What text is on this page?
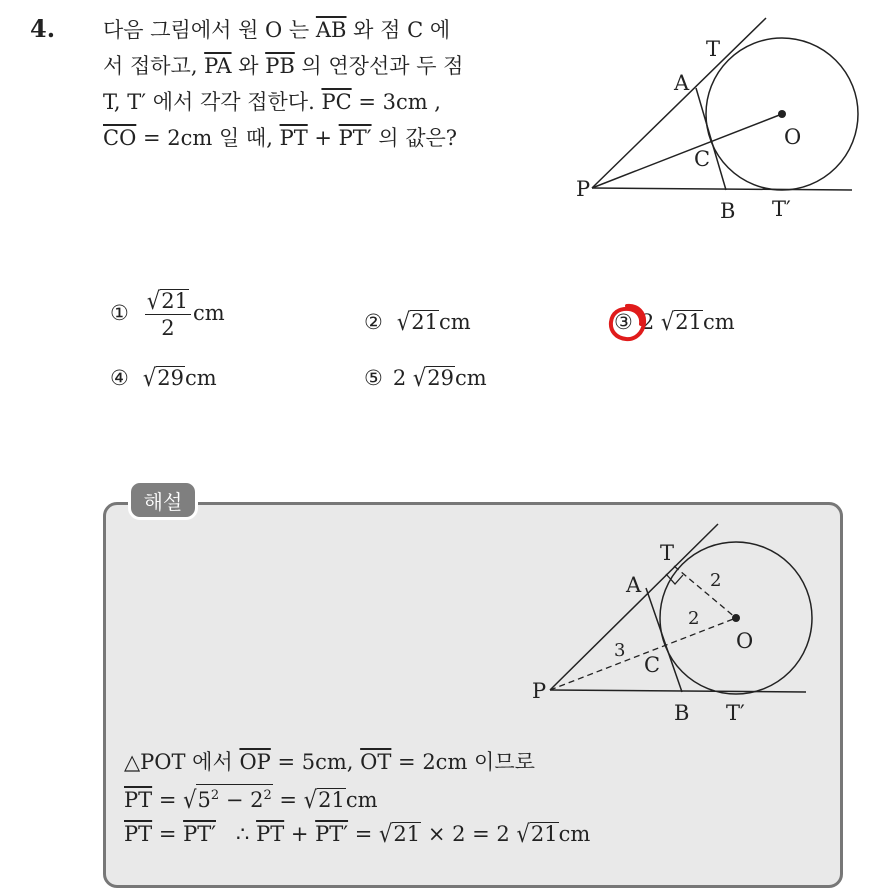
4. 다음 그림에서 원 O 는 $\overline{AB}$ 와 점 C 에
서 접하고, $\overline{PA}$ 와 $\overline{PB}$ 의 연장선과 두 점
T, T′ 에서 각각 접한다. $\overline{PC} = 3cm$ ,
$\overline{CO} = 2cm$ 일 때, $\overline{PT} + PT'$ 의 값은?
T
A
O
C
P
B T′
① $\frac{√21}{2}$ cm	② √21cm	③ 2 √21cm
④ √29cm	⑤ 2 √29cm
해설
T
A
O
C
P
B T′
2
2
3
△POT 에서 $\overline{OP} = 5cm$, $\overline{OT} = 2cm$ 이므로
$\overline{PT} = √5^2 - 2^2 = √21cm$
$\overline{PT} = PT'$   ∴ $\overline{PT} + PT' = √21 \times 2 = 2$ √21cm
